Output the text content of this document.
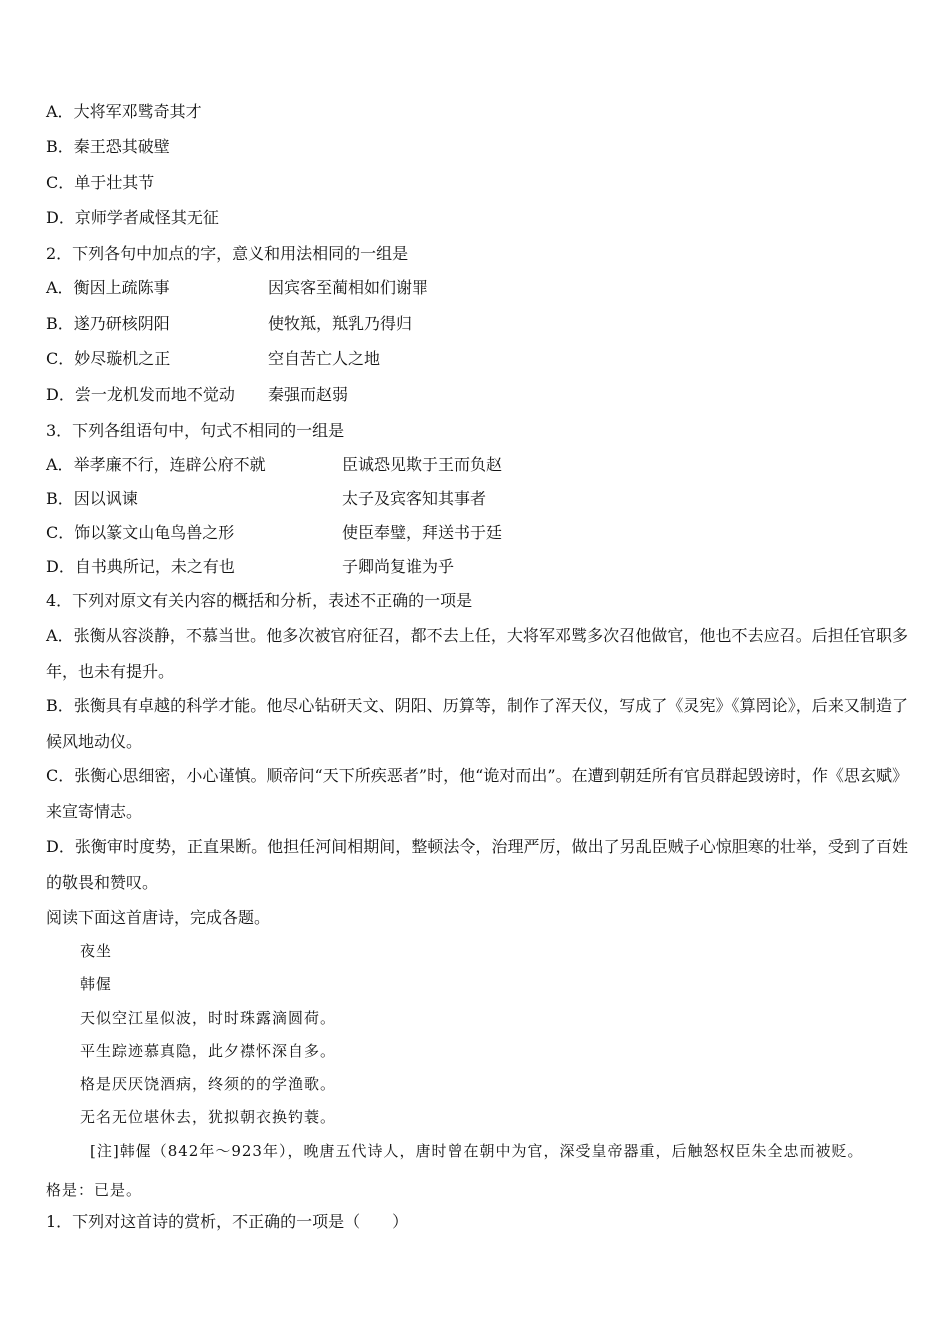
A．大将军邓骘奇其才
B．秦王恐其破壁
C．单于壮其节
D．京师学者咸怪其无征
2．下列各句中加点的字，意义和用法相同的一组是
A．衡因上疏陈事	因宾客至蔺相如们谢罪
B．遂乃研核阴阳	使牧羝，羝乳乃得归
C．妙尽璇机之正	空自苦亡人之地
D．尝一龙机发而地不觉动 秦强而赵弱
3．下列各组语句中，句式不相同的一组是
A．举孝廉不行，连辟公府不就	臣诚恐见欺于王而负赵
B．因以讽谏	太子及宾客知其事者
C．饰以篆文山龟鸟兽之形	使臣奉璧，拜送书于廷
D．自书典所记，未之有也	子卿尚复谁为乎
4．下列对原文有关内容的概括和分析，表述不正确的一项是
A．张衡从容淡静，不慕当世。他多次被官府征召，都不去上任，大将军邓骘多次召他做官，他也不去应召。后担任官职多年，也未有提升。
B．张衡具有卓越的科学才能。他尽心钻研天文、阴阳、历算等，制作了浑天仪，写成了《灵宪》《算罔论》，后来又制造了候风地动仪。
C．张衡心思细密，小心谨慎。顺帝问“天下所疾恶者”时，他“诡对而出”。在遭到朝廷所有官员群起毁谤时，作《思玄赋》来宣寄情志。
D．张衡审时度势，正直果断。他担任河间相期间，整顿法令，治理严厉，做出了另乱臣贼子心惊胆寒的壮举，受到了百姓的敬畏和赞叹。
阅读下面这首唐诗，完成各题。
夜坐
韩偓
天似空江星似波，时时珠露滴圆荷。
平生踪迹慕真隐，此夕襟怀深自多。
格是厌厌饶酒病，终须的的学渔歌。
无名无位堪休去，犹拟朝衣换钓蓑。
[注]韩偓（842年～923年），晚唐五代诗人，唐时曾在朝中为官，深受皇帝器重，后触怒权臣朱全忠而被贬。
格是：已是。
1．下列对这首诗的赏析，不正确的一项是（　　）
